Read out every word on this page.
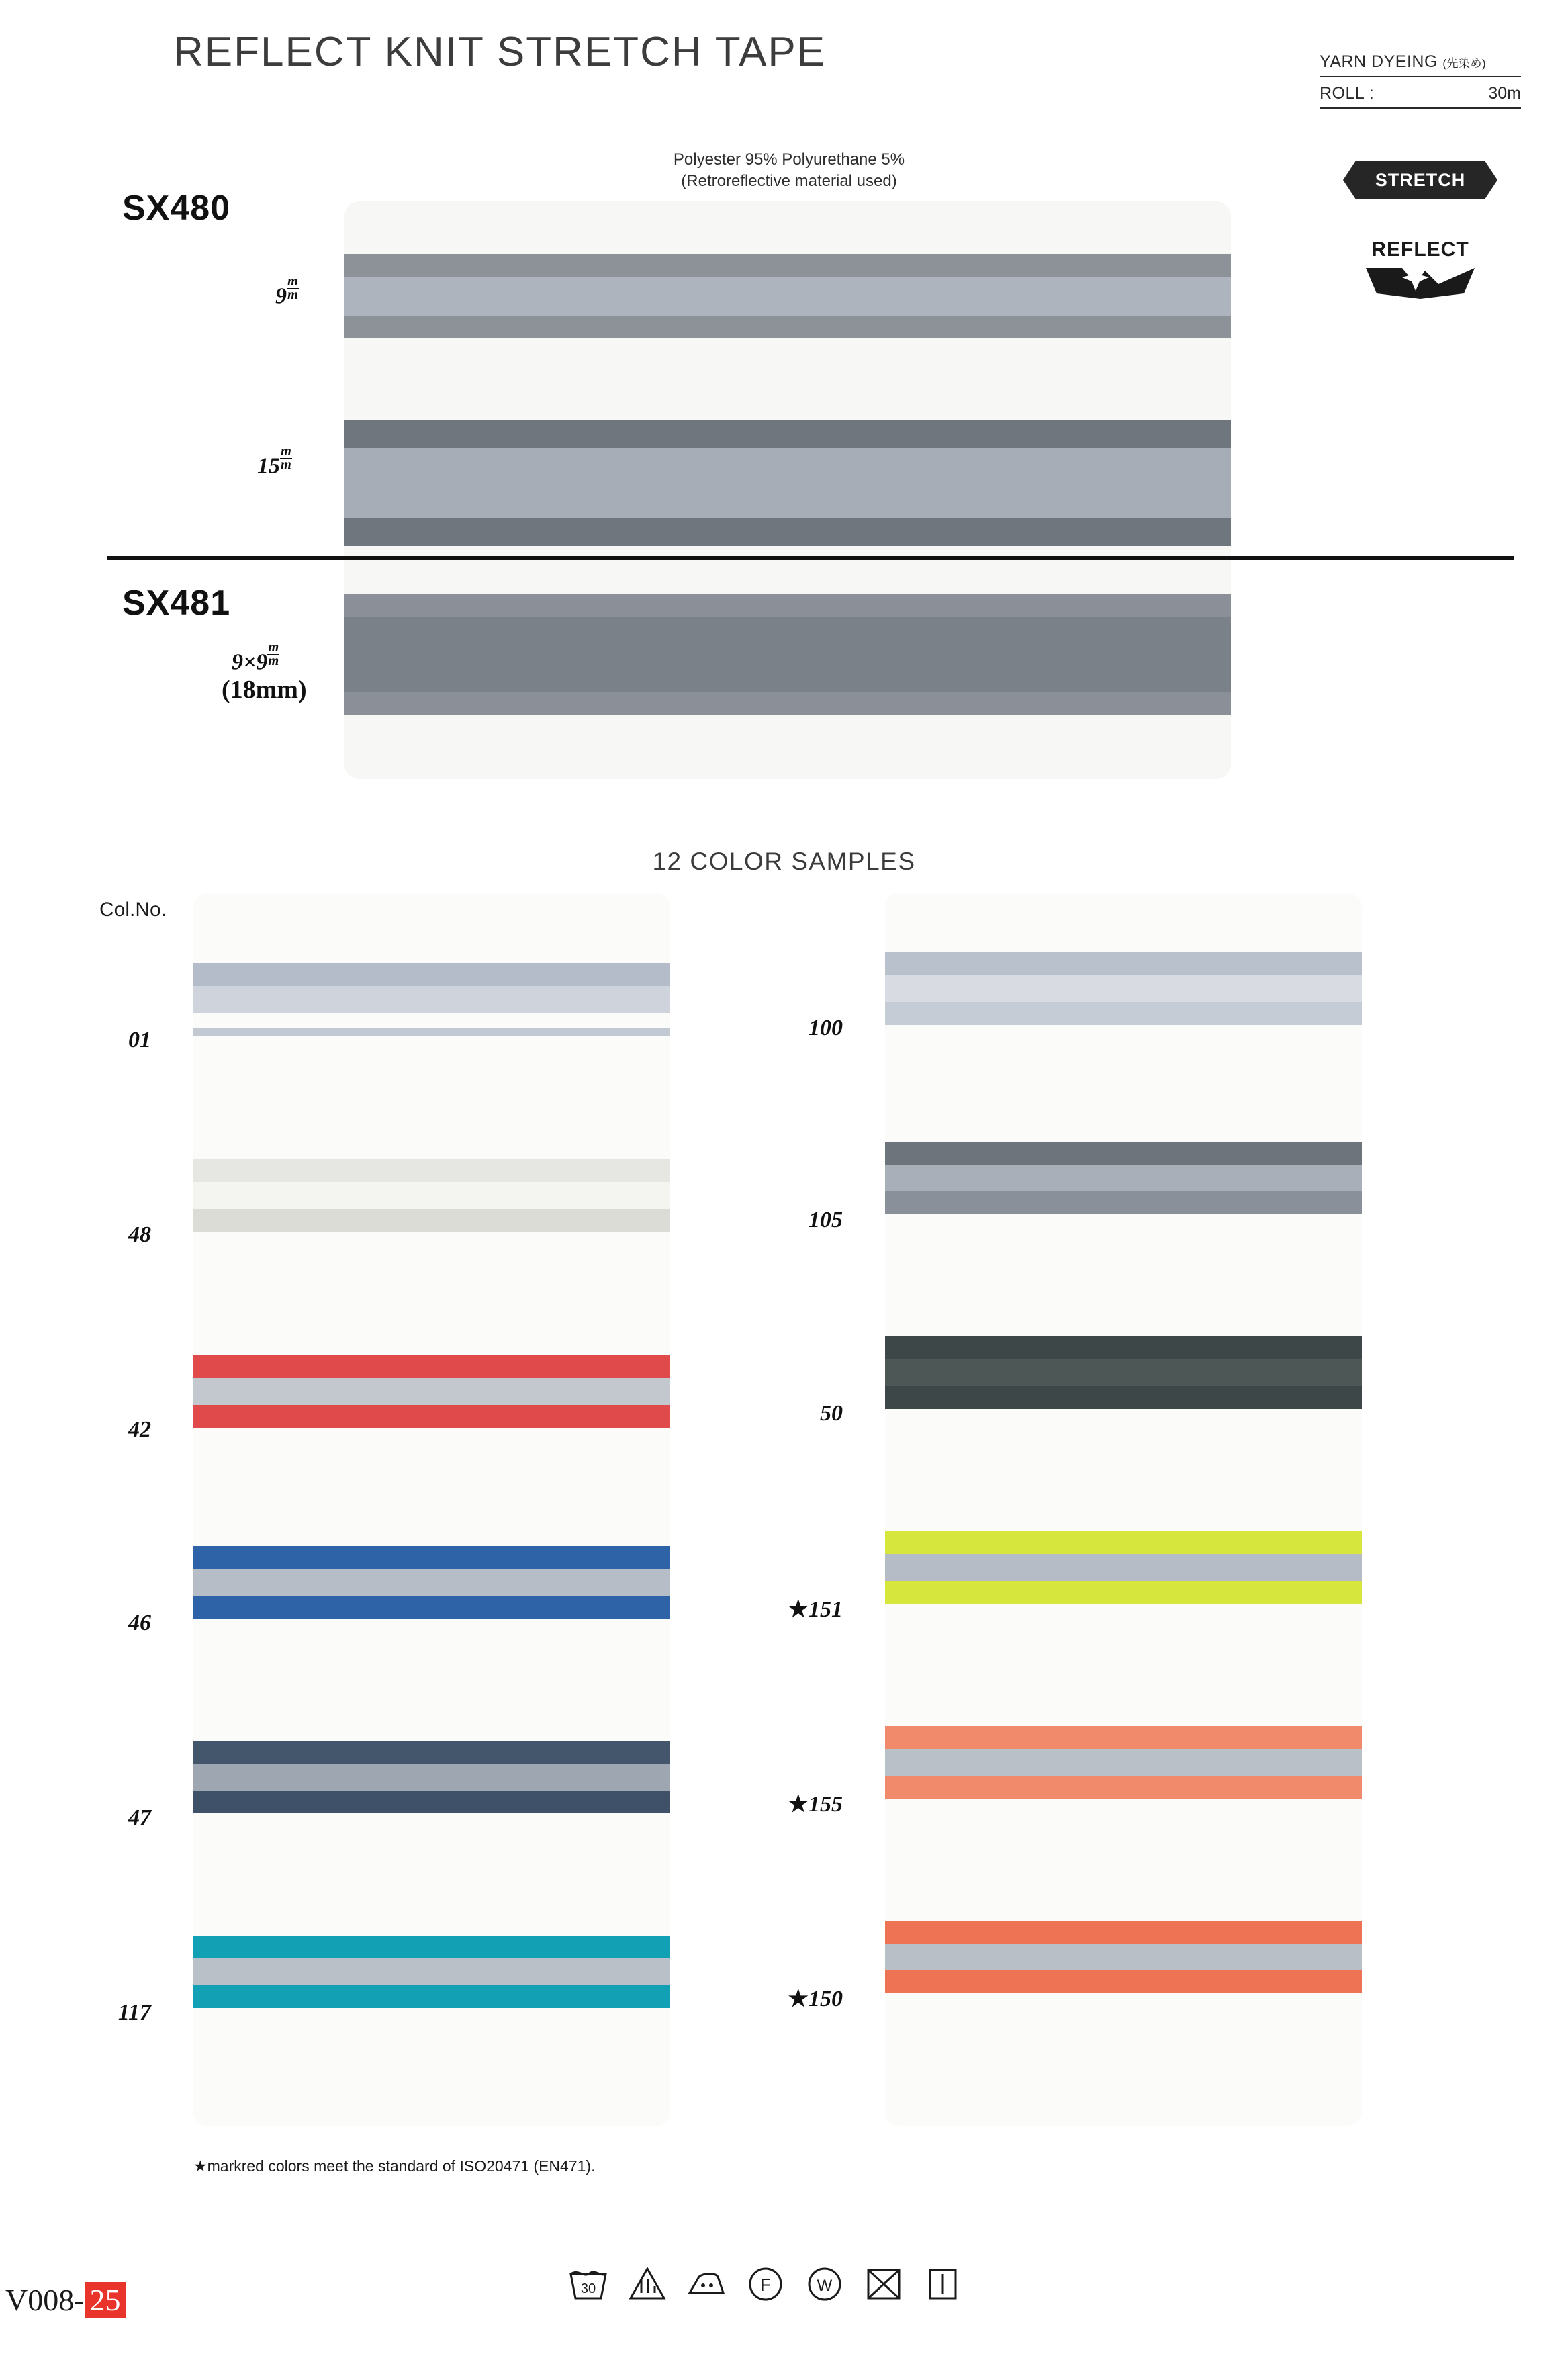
REFLECT KNIT STRETCH TAPE	YARN DYEING (先染め)
ROLL :	30m
STRETCH
REFLECT
Polyester 95% Polyurethane 5%
(Retroreflective material used)
SX480
SX481
$9 \frac{m}{m}$
$15 \frac{m}{m}$
$9\times 9 \frac{m}{m}$
(18mm)
12 COLOR SAMPLES
Col.No.
01
48
42
46
47
117
100
105
50
★151
★155
★150
★markred colors meet the standard of ISO20471 (EN471).
V008- 25	30	F	W
